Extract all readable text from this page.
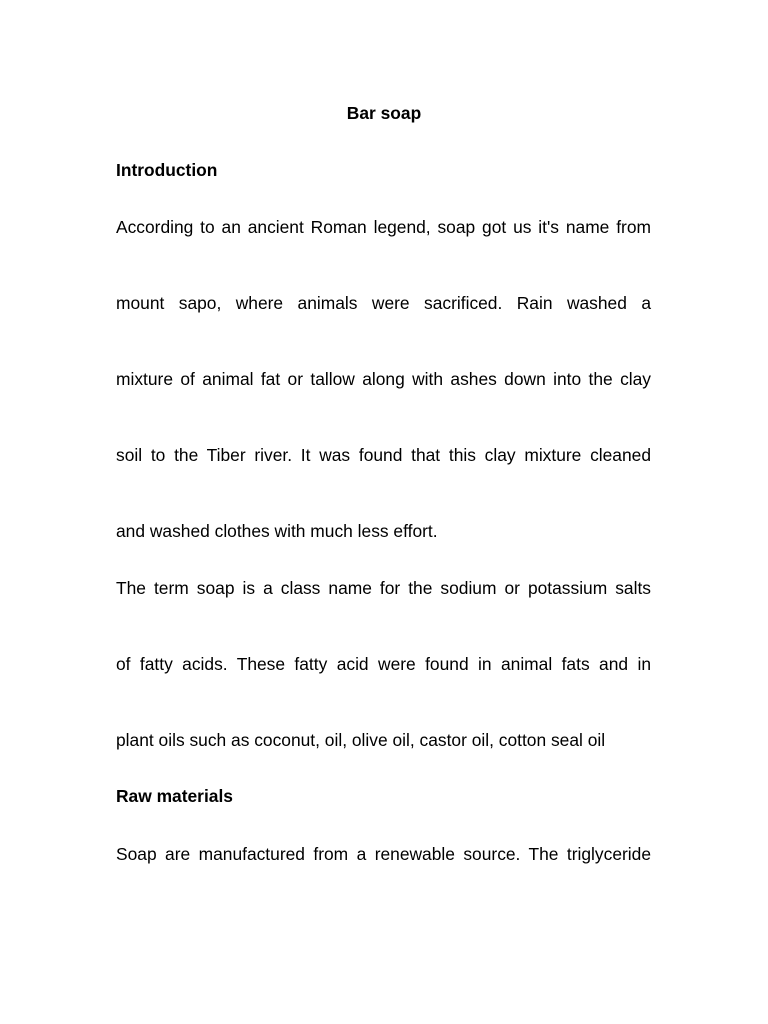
Bar soap
Introduction
According to an ancient Roman legend, soap got us it's name from
mount sapo, where animals were sacrificed. Rain washed a
mixture of animal fat or tallow along with ashes down into the clay
soil to the Tiber river. It was found that this clay mixture cleaned
and washed clothes with much less effort.
The term soap is a class name for the sodium or potassium salts
of fatty acids. These fatty acid were found in animal fats and in
plant oils such as coconut, oil, olive oil, castor oil, cotton seal oil
Raw materials
Soap are manufactured from a renewable source. The triglyceride
